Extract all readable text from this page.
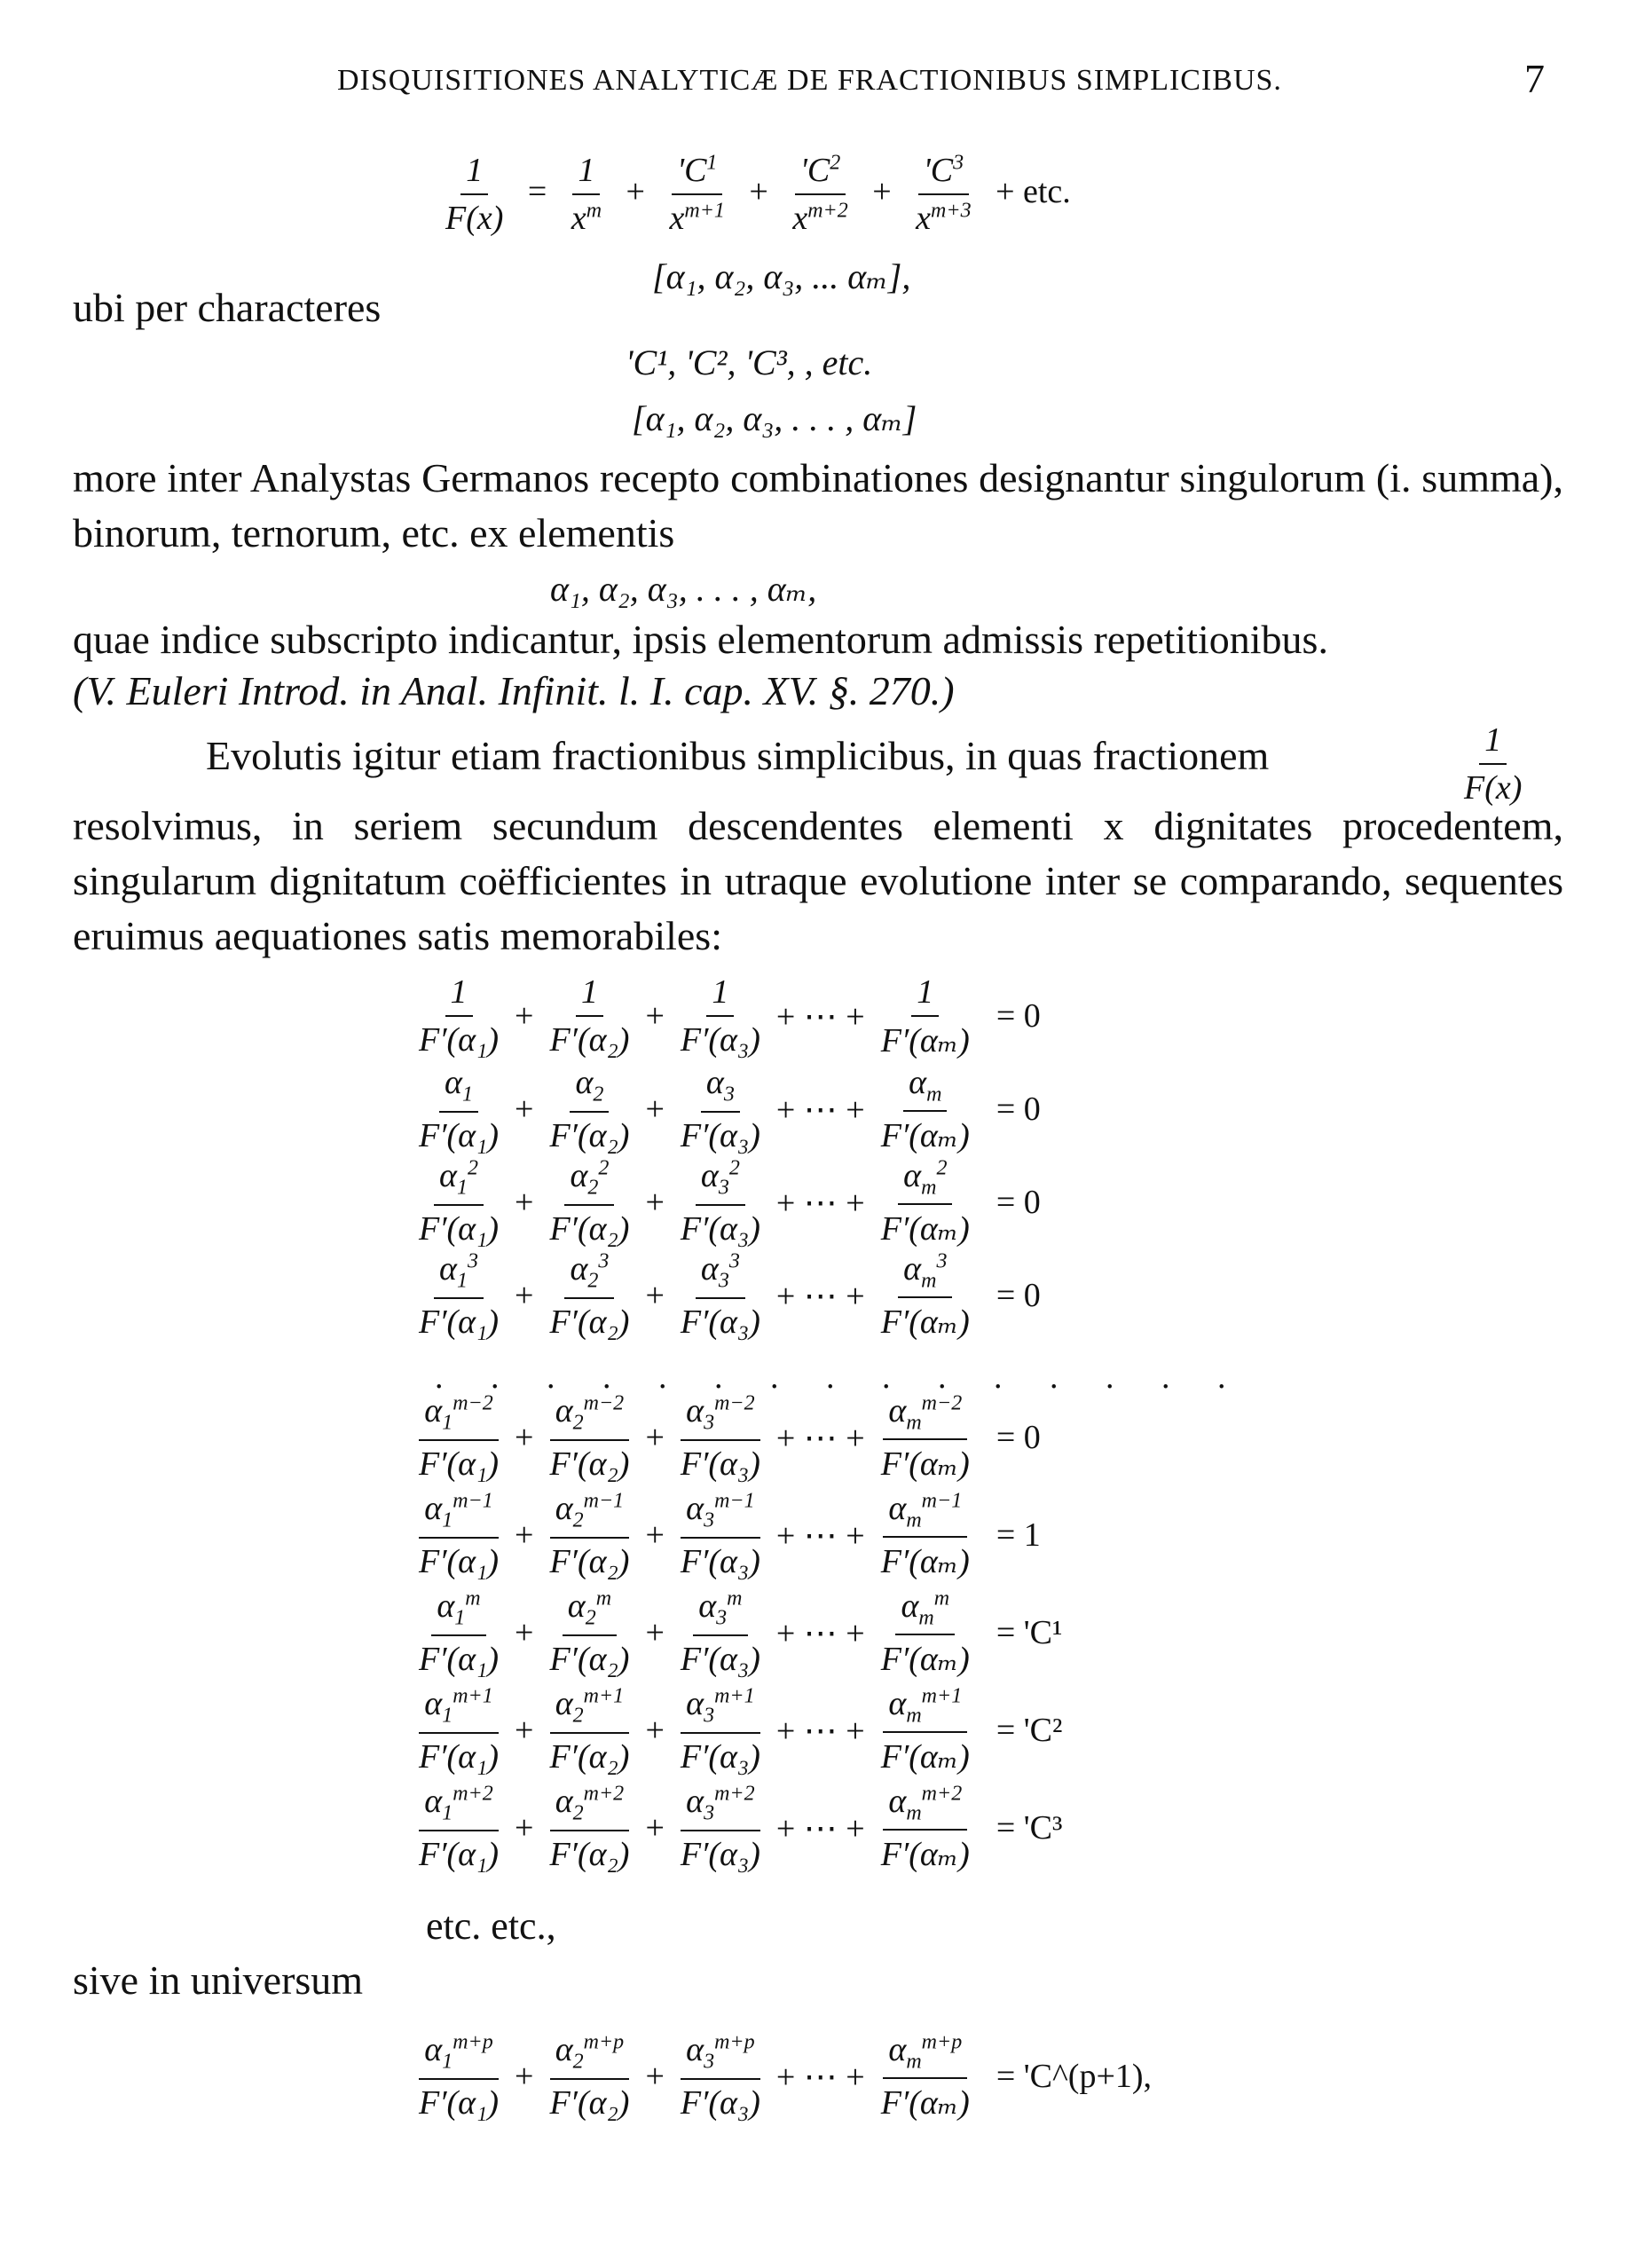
DISQUISITIONES ANALYTICÆ DE FRACTIONIBUS SIMPLICIBUS.	7
$\frac{1}{F(x)} = \frac{1}{x^m} + \frac{'C^1}{x^{m+1}} + \frac{'C^2}{x^{m+2}} + \frac{'C^3}{x^{m+3}}$ + etc.
[α₁, α₂, α₃, ... αₘ],
ubi per characteres
'C¹, 'C², 'C³, , etc.
[α₁, α₂, α₃, . . . , αₘ]
more inter Analystas Germanos recepto combinationes designantur singulorum (i. summa), binorum, ternorum, etc. ex elementis
α₁, α₂, α₃, . . . , αₘ,
quae indice subscripto indicantur, ipsis elementorum admissis repetitionibus.
(V. Euleri Introd. in Anal. Infinit. l. I. cap. XV. §. 270.)
Evolutis igitur etiam fractionibus simplicibus, in quas fractionem	$\frac{1}{F(x)}$
resolvimus, in seriem secundum descendentes elementi x dignitates procedentem, singularum dignitatum coëfficientes in utraque evolutione inter se comparando, sequentes eruimus aequationes satis memorabiles:
$\frac{1}{\text{F′(α₁)}} + \frac{1}{\text{F′(α₂)}} + \frac{1}{\text{F′(α₃)}}$ + ⋯ + $\frac{1}{\text{F′(αₘ)}} = 0$
$\frac{\alpha_1}{\text{F′(α₁)}} + \frac{\alpha_2}{\text{F′(α₂)}} + \frac{\alpha_3}{\text{F′(α₃)}}$ + ⋯ + $\frac{\alpha_m}{\text{F′(αₘ)}} = 0$
$\frac{\alpha_1^2}{\text{F′(α₁)}} + \frac{\alpha_2^2}{\text{F′(α₂)}} + \frac{\alpha_3^2}{\text{F′(α₃)}}$ + ⋯ + $\frac{\alpha_m^2}{\text{F′(αₘ)}} = 0$
$\frac{\alpha_1^3}{\text{F′(α₁)}} + \frac{\alpha_2^3}{\text{F′(α₂)}} + \frac{\alpha_3^3}{\text{F′(α₃)}}$ + ⋯ + $\frac{\alpha_m^3}{\text{F′(αₘ)}} = 0$
. . . . . . . . . . . . . . .
$\frac{\alpha_1^{m-2}}{\text{F′(α₁)}} + \frac{\alpha_2^{m-2}}{\text{F′(α₂)}} + \frac{\alpha_3^{m-2}}{\text{F′(α₃)}}$ + ⋯ + $\frac{\alpha_m^{m-2}}{\text{F′(αₘ)}} = 0$
$\frac{\alpha_1^{m-1}}{\text{F′(α₁)}} + \frac{\alpha_2^{m-1}}{\text{F′(α₂)}} + \frac{\alpha_3^{m-1}}{\text{F′(α₃)}}$ + ⋯ + $\frac{\alpha_m^{m-1}}{\text{F′(αₘ)}} = 1$
$\frac{\alpha_1^m}{\text{F′(α₁)}} + \frac{\alpha_2^m}{\text{F′(α₂)}} + \frac{\alpha_3^m}{\text{F′(α₃)}}$ + ⋯ + $\frac{\alpha_m^m}{\text{F′(αₘ)}}$ = 'C¹
$\frac{\alpha_1^{m+1}}{\text{F′(α₁)}} + \frac{\alpha_2^{m+1}}{\text{F′(α₂)}} + \frac{\alpha_3^{m+1}}{\text{F′(α₃)}}$ + ⋯ + $\frac{\alpha_m^{m+1}}{\text{F′(αₘ)}}$ = 'C²
$\frac{\alpha_1^{m+2}}{\text{F′(α₁)}} + \frac{\alpha_2^{m+2}}{\text{F′(α₂)}} + \frac{\alpha_3^{m+2}}{\text{F′(α₃)}}$ + ⋯ + $\frac{\alpha_m^{m+2}}{\text{F′(αₘ)}}$ = 'C³
etc. etc.,
sive in universum
$\frac{\alpha_1^{m+p}}{\text{F′(α₁)}} + \frac{\alpha_2^{m+p}}{\text{F′(α₂)}} + \frac{\alpha_3^{m+p}}{\text{F′(α₃)}}$ + ⋯ + $\frac{\alpha_m^{m+p}}{\text{F′(αₘ)}}$ = 'C^(p+1),
